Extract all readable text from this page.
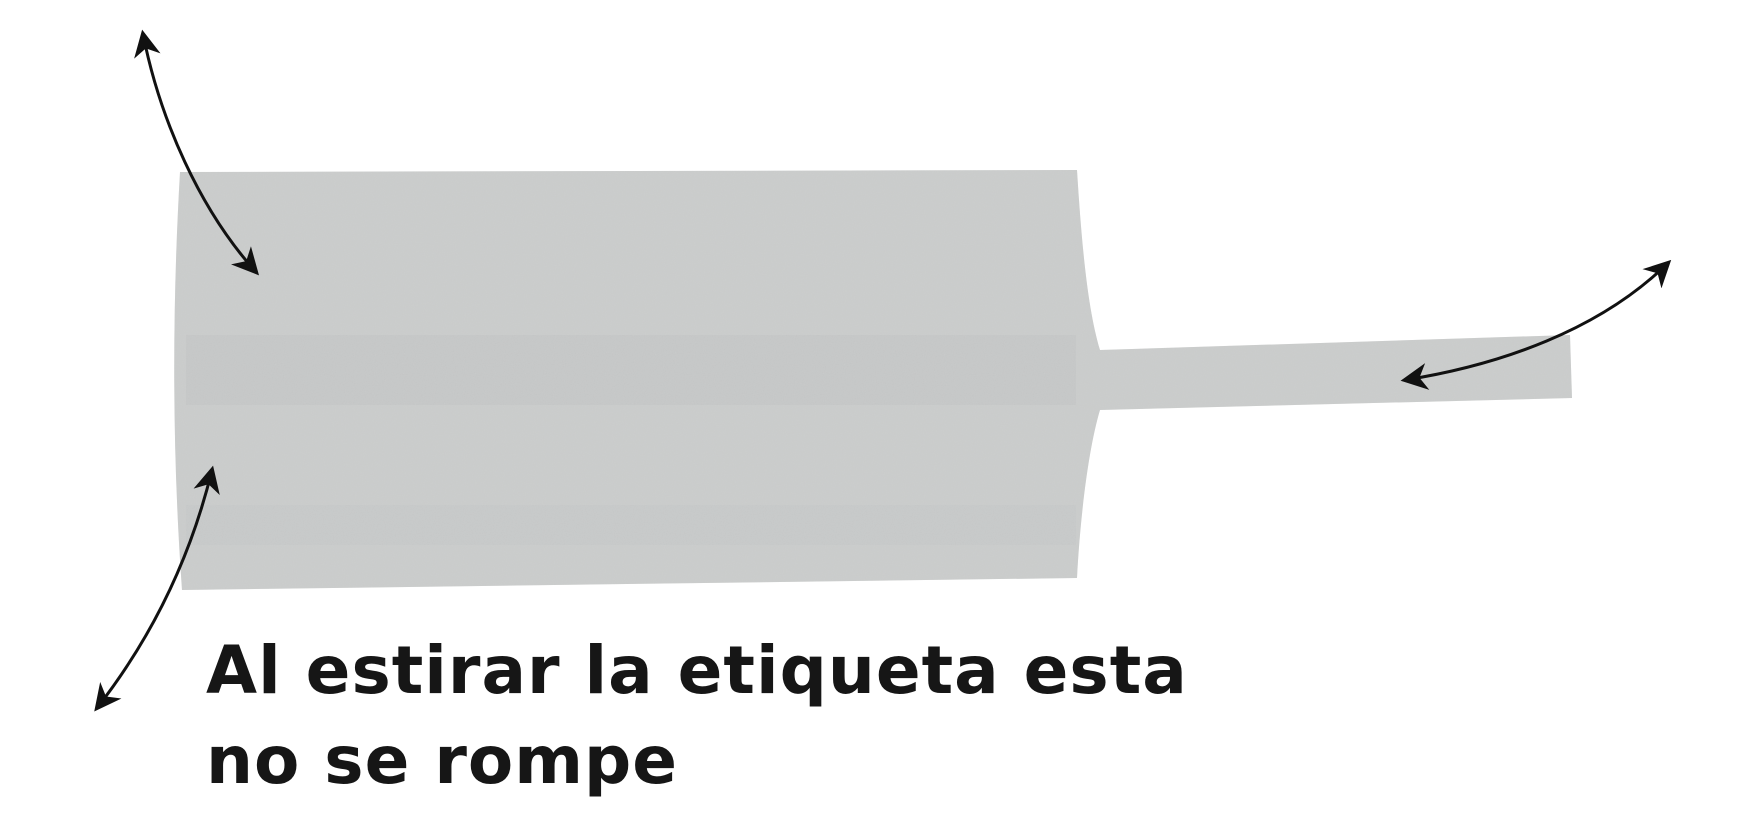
Al estirar la etiqueta esta
no se rompe
